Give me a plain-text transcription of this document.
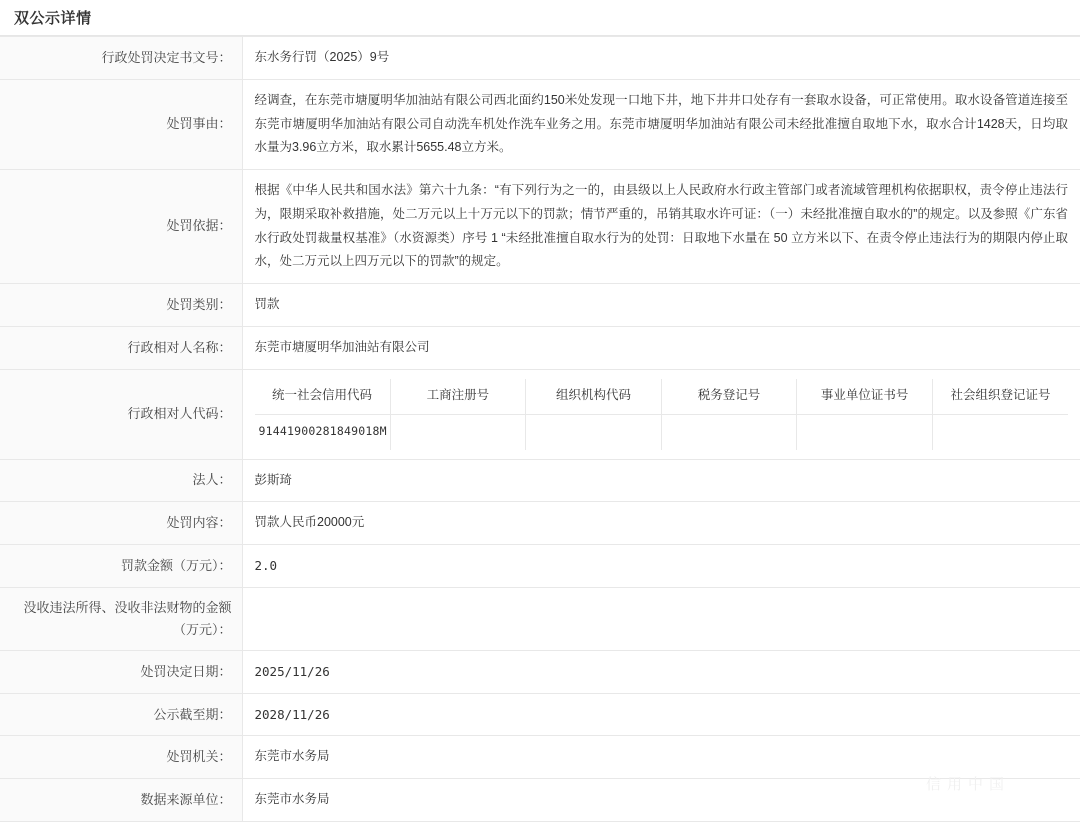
双公示详情
行政处罚决定书文号：	东水务行罚（2025）9号
处罚事由：	经调查，在东莞市塘厦明华加油站有限公司西北面约150米处发现一口地下井，地下井井口处存有一套取水设备，可正常使用。取水设备管道连接至东莞市塘厦明华加油站有限公司自动洗车机处作洗车业务之用。东莞市塘厦明华加油站有限公司未经批准擅自取地下水，取水合计1428天，日均取水量为3.96立方米，取水累计5655.48立方米。
处罚依据：	根据《中华人民共和国水法》第六十九条：“有下列行为之一的，由县级以上人民政府水行政主管部门或者流域管理机构依据职权，责令停止违法行为，限期采取补救措施，处二万元以上十万元以下的罚款；情节严重的，吊销其取水许可证：（一）未经批准擅自取水的”的规定。以及参照《广东省水行政处罚裁量权基准》（水资源类）序号 1 “未经批准擅自取水行为的处罚：日取地下水量在 50 立方米以下、在责令停止违法行为的期限内停止取水，处二万元以上四万元以下的罚款”的规定。
处罚类别：	罚款
行政相对人名称：	东莞市塘厦明华加油站有限公司
行政相对人代码：	
统一社会信用代码	工商注册号	组织机构代码	税务登记号	事业单位证书号	社会组织登记证号
91441900281849018M					

法人：	彭斯琦
处罚内容：	罚款人民币20000元
罚款金额（万元）：	2.0
没收违法所得、没收非法财物的金额（万元）：	
处罚决定日期：	2025/11/26
公示截至期：	2028/11/26
处罚机关：	东莞市水务局
数据来源单位：	东莞市水务局
信用中国
